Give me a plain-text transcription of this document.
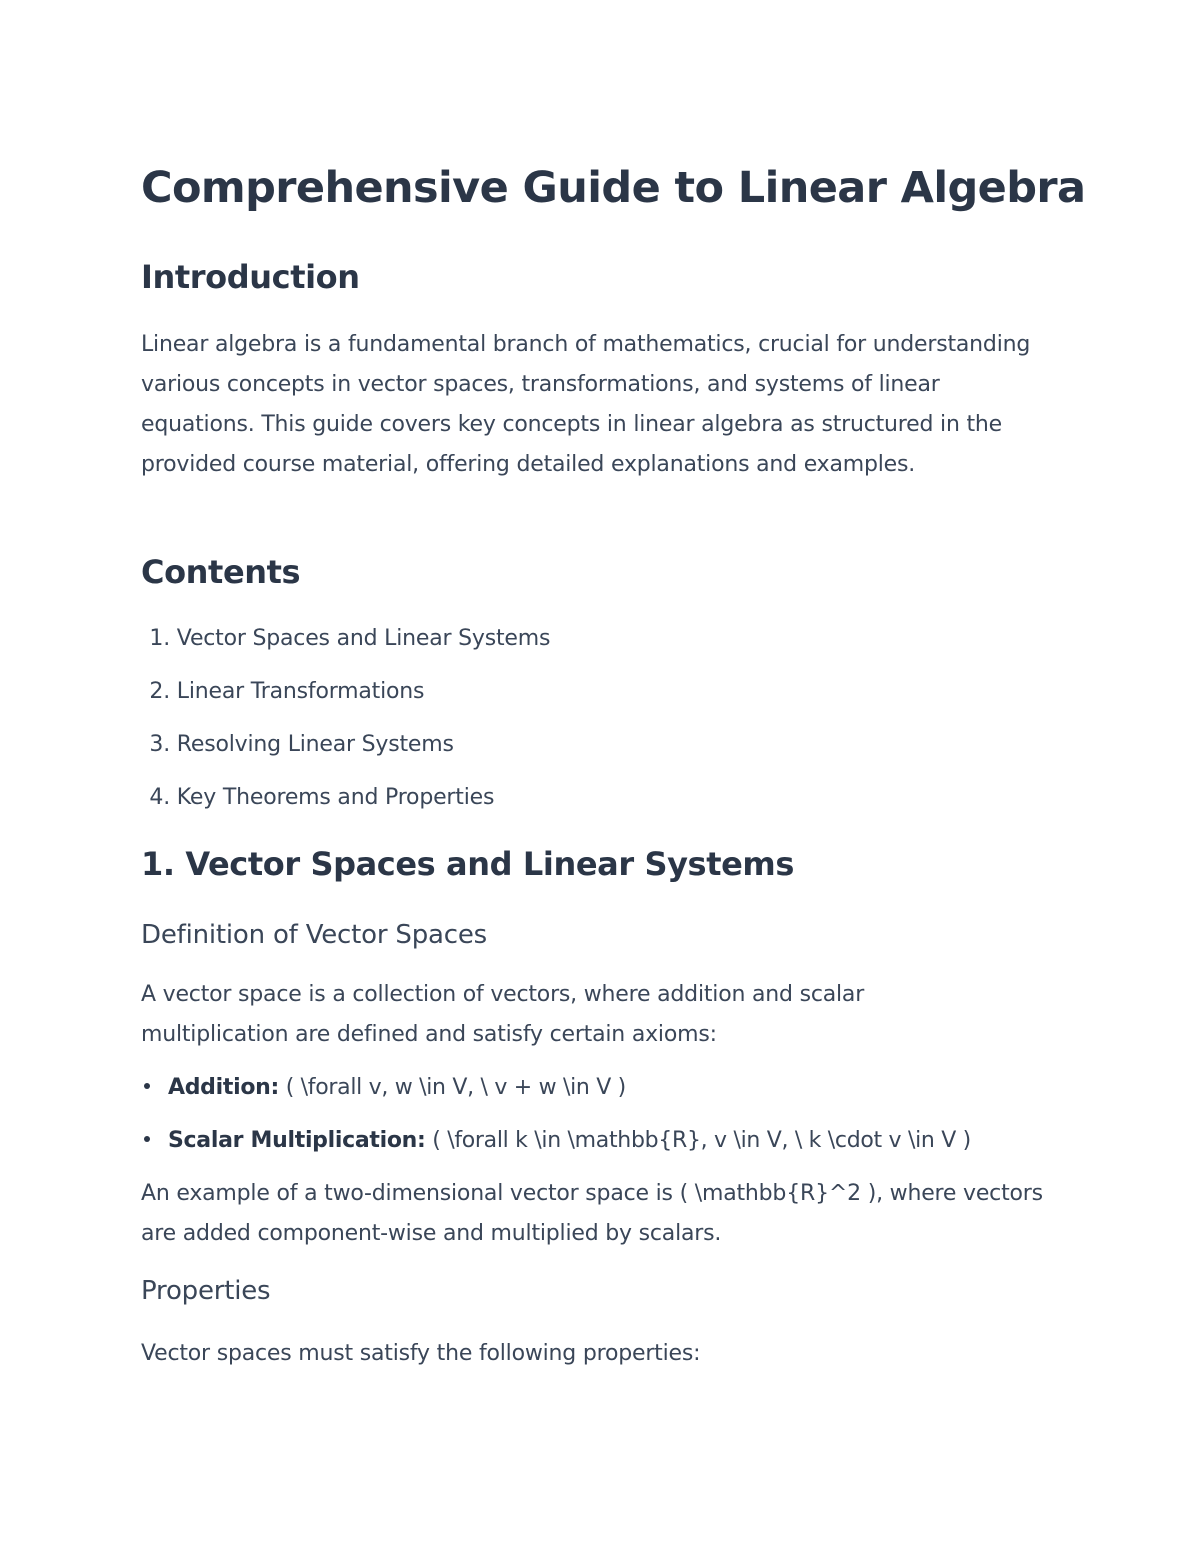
Comprehensive Guide to Linear Algebra
Introduction

Linear algebra is a fundamental branch of mathematics, crucial for understanding various concepts in vector spaces, transformations, and systems of linear equations. This guide covers key concepts in linear algebra as structured in the provided course material, offering detailed explanations and examples.

Contents
1. Vector Spaces and Linear Systems
2. Linear Transformations
3. Resolving Linear Systems
4. Key Theorems and Properties
1. Vector Spaces and Linear Systems
Definition of Vector Spaces

A vector space is a collection of vectors, where addition and scalar multiplication are defined and satisfy certain axioms:

Addition: ( \forall v, w \in V, \ v + w \in V )
Scalar Multiplication: ( \forall k \in \mathbb{R}, v \in V, \ k \cdot v \in V )

An example of a two-dimensional vector space is ( \mathbb{R}^2 ), where vectors are added component-wise and multiplied by scalars.

Properties

Vector spaces must satisfy the following properties:
